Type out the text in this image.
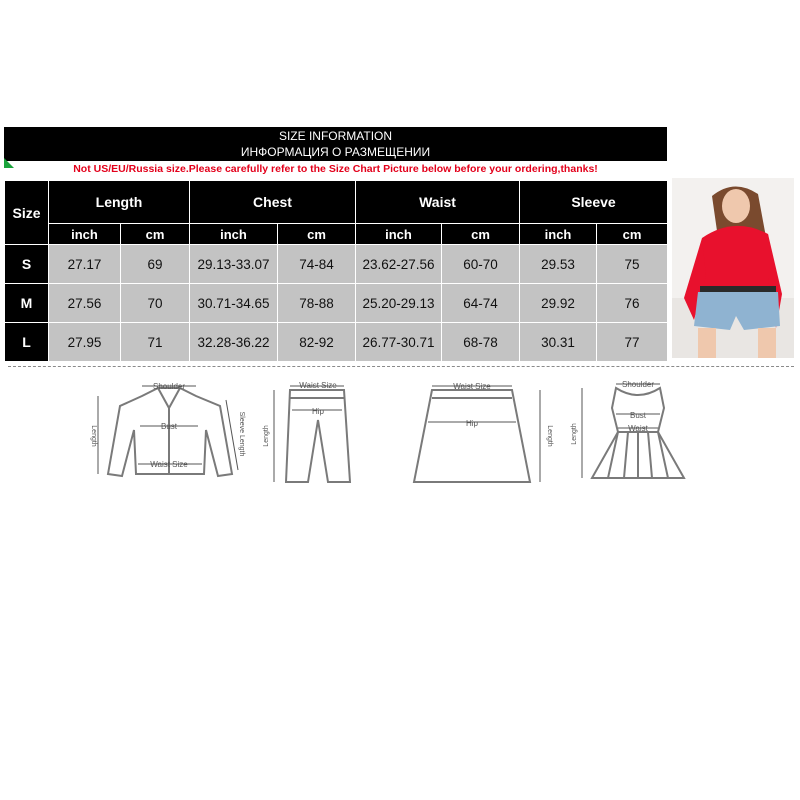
SIZE INFORMATION
ИНФОРМАЦИЯ О РАЗМЕЩЕНИИ
Not US/EU/Russia size.Please carefully refer to the Size Chart Picture below before your ordering,thanks!
Size	Length		Chest		Waist		Sleeve	
	inch	cm	inch	cm	inch	cm	inch	cm
S	27.17	69	29.13-33.07	74-84	23.62-27.56	60-70	29.53	75
M	27.56	70	30.71-34.65	78-88	25.20-29.13	64-74	29.92	76
L	27.95	71	32.28-36.22	82-92	26.77-30.71	68-78	30.31	77
Shoulder
Bust
Waist Size
Length	Sleeve Length
Waist Size
Hip
Length
Waist Size
Hip
Length
Shoulder
Bust
Waist
Length
